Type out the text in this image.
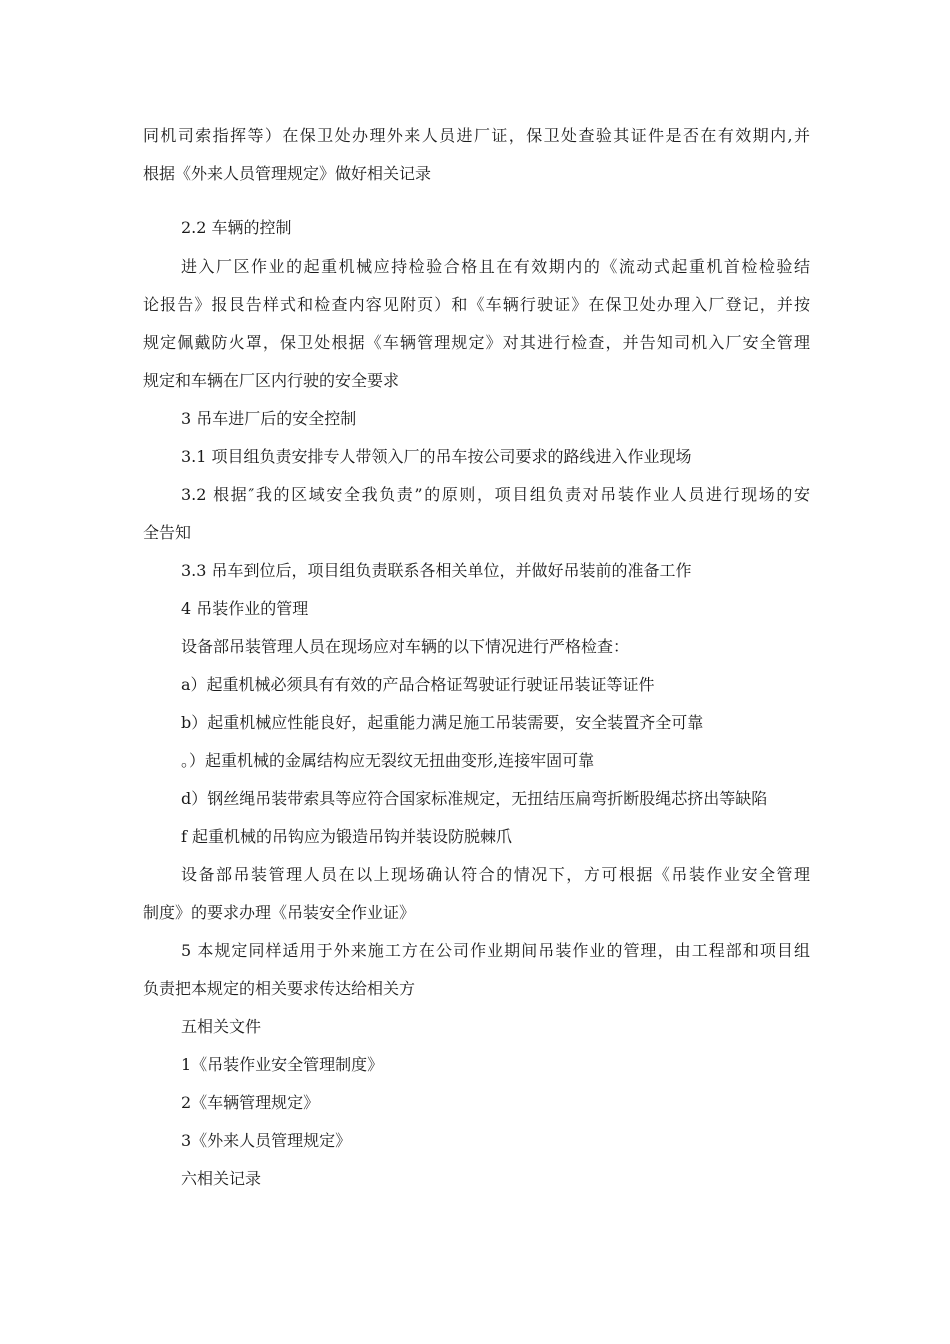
同机司索指挥等）在保卫处办理外来人员进厂证，保卫处查验其证件是否在有效期内,并
根据《外来人员管理规定》做好相关记录
2.2 车辆的控制
进入厂区作业的起重机械应持检验合格且在有效期内的《流动式起重机首检检验结
论报告》报艮告样式和检查内容见附页）和《车辆行驶证》在保卫处办理入厂登记，并按
规定佩戴防火罩，保卫处根据《车辆管理规定》对其进行检查，并告知司机入厂安全管理
规定和车辆在厂区内行驶的安全要求
3 吊车进厂后的安全控制
3.1 项目组负责安排专人带领入厂的吊车按公司要求的路线进入作业现场
3.2 根据″我的区域安全我负责”的原则，项目组负责对吊装作业人员进行现场的安
全告知
3.3 吊车到位后，项目组负责联系各相关单位，并做好吊装前的准备工作
4 吊装作业的管理
设备部吊装管理人员在现场应对车辆的以下情况进行严格检查：
a）起重机械必须具有有效的产品合格证驾驶证行驶证吊装证等证件
b）起重机械应性能良好，起重能力满足施工吊装需要，安全装置齐全可靠
。）起重机械的金属结构应无裂纹无扭曲变形,连接牢固可靠
d）钢丝绳吊装带索具等应符合国家标准规定，无扭结压扁弯折断股绳芯挤出等缺陷
f 起重机械的吊钩应为锻造吊钩并装设防脱棘爪
设备部吊装管理人员在以上现场确认符合的情况下，方可根据《吊装作业安全管理
制度》的要求办理《吊装安全作业证》
5 本规定同样适用于外来施工方在公司作业期间吊装作业的管理，由工程部和项目组
负责把本规定的相关要求传达给相关方
五相关文件
1《吊装作业安全管理制度》
2《车辆管理规定》
3《外来人员管理规定》
六相关记录
